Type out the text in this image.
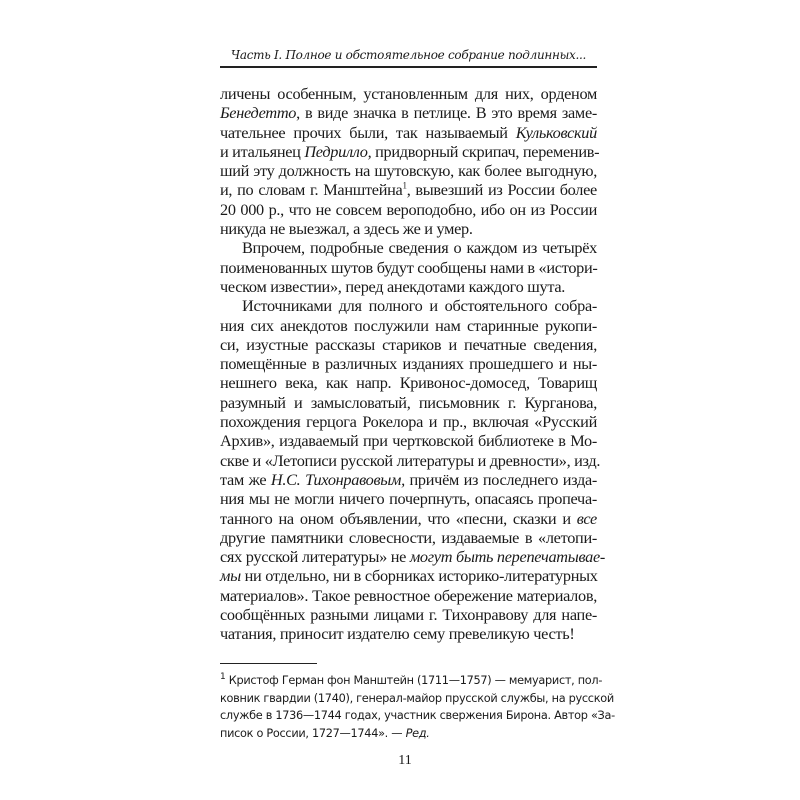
Часть I. Полное и обстоятельное собрание подлинных...
личены особенным, установленным для них, орденом
Бенедетто, в виде значка в петлице. В это время заме-
чательнее прочих были, так называемый Кульковский
и итальянец Педрилло, придворный скрипач, переменив-
ший эту должность на шутовскую, как более выгодную,
и, по словам г. Манштейна$^1$, вывезший из России более
20 000 р., что не совсем вероподобно, ибо он из России
никуда не выезжал, а здесь же и умер.
Впрочем, подробные сведения о каждом из четырёх
поименованных шутов будут сообщены нами в «истори-
ческом известии», перед анекдотами каждого шута.
Источниками для полного и обстоятельного собра-
ния сих анекдотов послужили нам старинные рукопи-
си, изустные рассказы стариков и печатные сведения,
помещённые в различных изданиях прошедшего и ны-
нешнего века, как напр. Кривонос-домосед, Товарищ
разумный и замысловатый, письмовник г. Курганова,
похождения герцога Рокелора и пр., включая «Русский
Архив», издаваемый при чертковской библиотеке в Мо-
скве и «Летописи русской литературы и древности», изд.
там же Н.С. Тихонравовым, причём из последнего изда-
ния мы не могли ничего почерпнуть, опасаясь пропеча-
танного на оном объявлении, что «песни, сказки и все
другие памятники словесности, издаваемые в «летопи-
сях русской литературы» не могут быть перепечатывае-
мы ни отдельно, ни в сборниках историко-литературных
материалов». Такое ревностное обережение материалов,
сообщённых разными лицами г. Тихонравову для напе-
чатания, приносит издателю сему превеликую честь!
$^1$ Кристоф Герман фон Манштейн (1711—1757) — мемуарист, пол-
ковник гвардии (1740), генерал-майор прусской службы, на русской
службе в 1736—1744 годах, участник свержения Бирона. Автор «За-
писок о России, 1727—1744». — Ред.
11
